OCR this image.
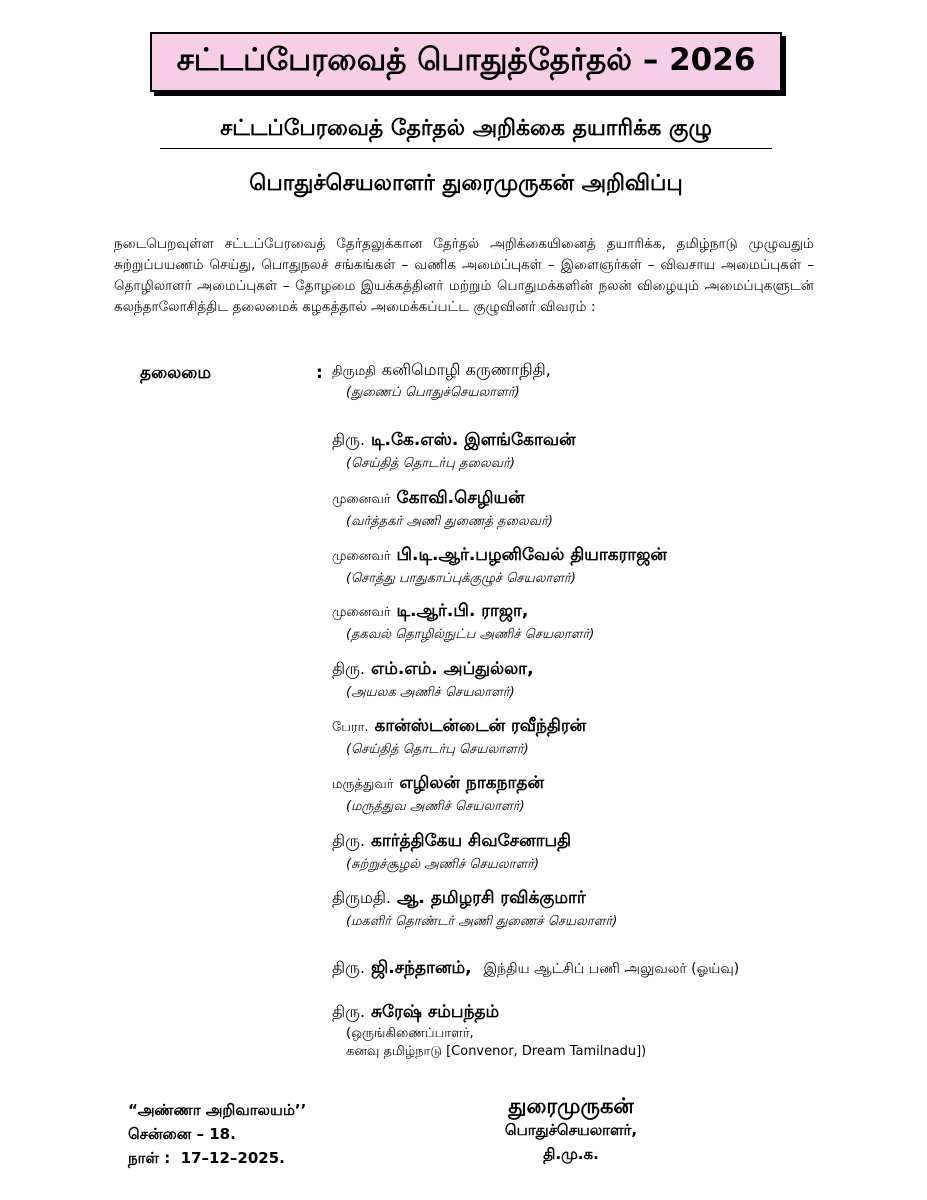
சட்டப்பேரவைத் பொதுத்தேர்தல் – 2026
சட்டப்பேரவைத் தேர்தல் அறிக்கை தயாரிக்க குழு
பொதுச்செயலாளர் துரைமுருகன் அறிவிப்பு
நடைபெறவுள்ள சட்டப்பேரவைத் தேர்தலுக்கான தேர்தல் அறிக்கையினைத் தயாரிக்க, தமிழ்நாடு முழுவதும் சுற்றுப்பயணம் செய்து, பொதுநலச் சங்கங்கள் – வணிக அமைப்புகள் – இளைஞர்கள் – விவசாய அமைப்புகள் – தொழிலாளர் அமைப்புகள் – தோழமை இயக்கத்தினர் மற்றும் பொதுமக்களின் நலன் விழையும் அமைப்புகளுடன் கலந்தாலோசித்திட தலைமைக் கழகத்தால் அமைக்கப்பட்ட குழுவினர் விவரம் :
தலைமை	: திருமதி கனிமொழி கருணாநிதி,
(துணைப் பொதுச்செயலாளர்)
திரு. டி.கே.எஸ். இளங்கோவன்
(செய்தித் தொடர்பு தலைவர்)
முனைவர் கோவி.செழியன்
(வர்த்தகர் அணி துணைத் தலைவர்)
முனைவர் பி.டி.ஆர்.பழனிவேல் தியாகராஜன்
(சொத்து பாதுகாப்புக்குழுச் செயலாளர்)
முனைவர் டி.ஆர்.பி. ராஜா,
(தகவல் தொழில்நுட்ப அணிச் செயலாளர்)
திரு. எம்.எம். அப்துல்லா,
(அயலக அணிச் செயலாளர்)
பேரா. கான்ஸ்டன்டைன் ரவீந்திரன்
(செய்தித் தொடர்பு செயலாளர்)
மருத்துவர் எழிலன் நாகநாதன்
(மருத்துவ அணிச் செயலாளர்)
திரு. கார்த்திகேய சிவசேனாபதி
(சுற்றுச்சூழல் அணிச் செயலாளர்)
திருமதி. ஆ. தமிழரசி ரவிக்குமார்
(மகளிர் தொண்டர் அணி துணைச் செயலாளர்)
திரு. ஜி.சந்தானம், இந்திய ஆட்சிப் பணி அலுவலர் (ஓய்வு)
திரு. சுரேஷ் சம்பந்தம்
(ஒருங்கிணைப்பாளர்,
கனவு தமிழ்நாடு [Convenor, Dream Tamilnadu])
“அண்ணா அறிவாலயம்’’
சென்னை – 18.
நாள் :  17–12–2025.
துரைமுருகன்
பொதுச்செயலாளர்,
தி.மு.க.
